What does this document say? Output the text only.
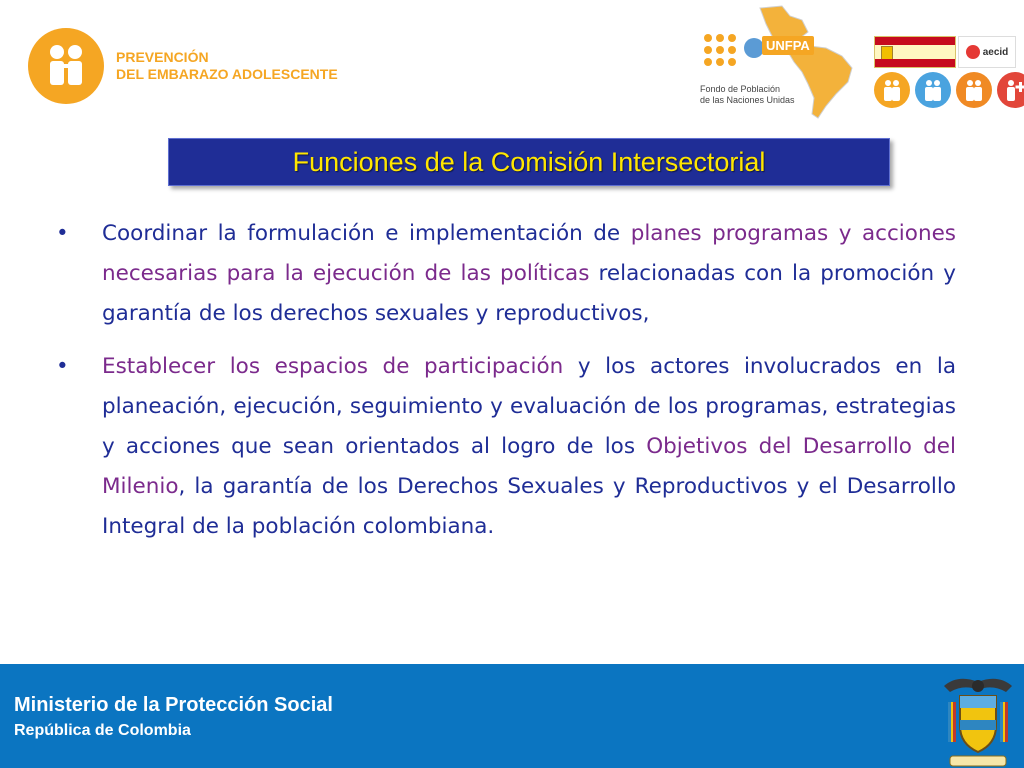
PREVENCIÓN
DEL EMBARAZO ADOLESCENTE
UNFPA
Fondo de Población
de las Naciones Unidas
aecid
Funciones de la Comisión Intersectorial
• Coordinar la formulación e implementación de planes programas y acciones necesarias para la ejecución de las políticas relacionadas con la promoción y garantía de los derechos sexuales y reproductivos,
• Establecer los espacios de participación y los actores involucrados en la planeación, ejecución, seguimiento y evaluación de los programas, estrategias y acciones que sean orientados al logro de los Objetivos del Desarrollo del Milenio, la garantía de los Derechos Sexuales y Reproductivos y el Desarrollo Integral de la población colombiana.
Ministerio de la Protección Social
República de Colombia
